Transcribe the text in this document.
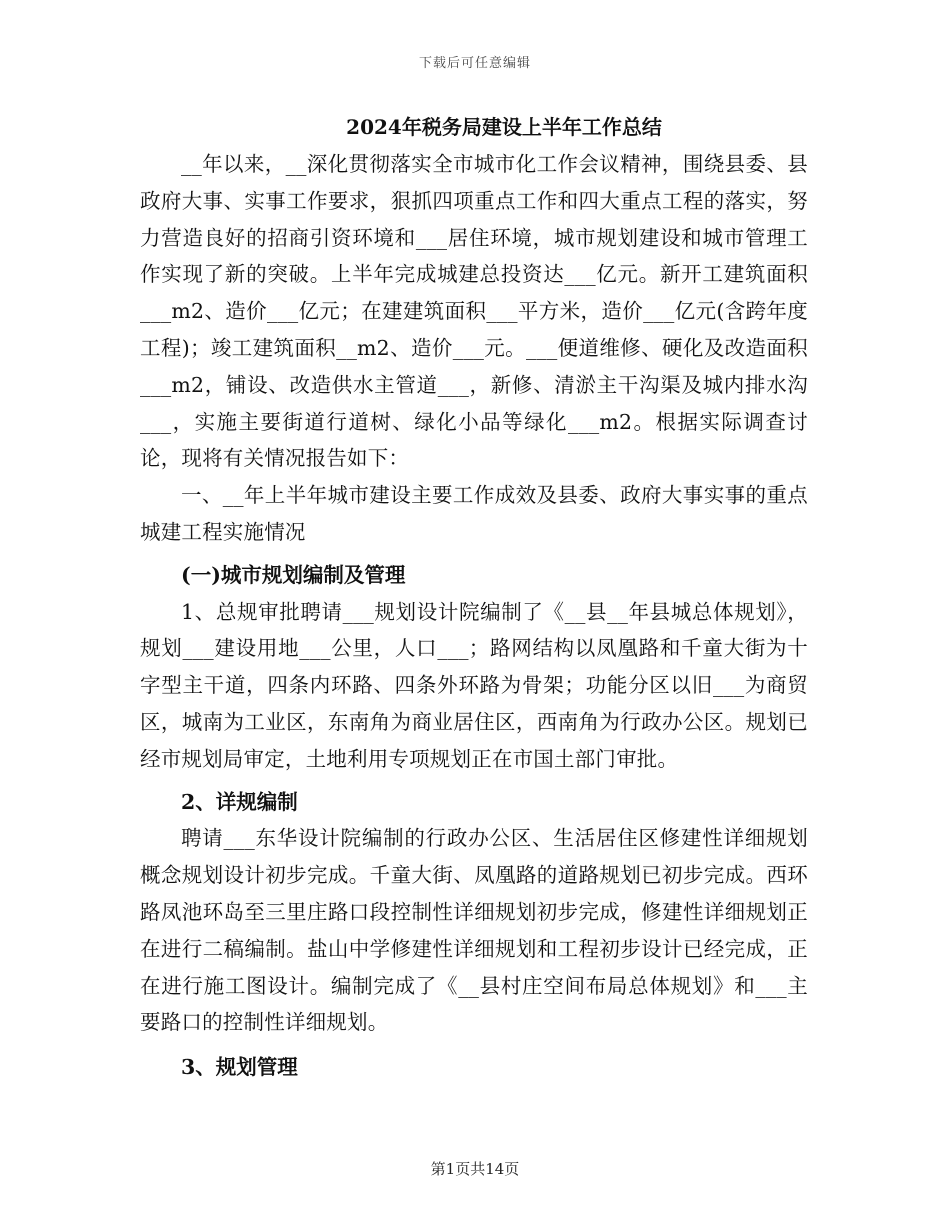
下载后可任意编辑
2024年税务局建设上半年工作总结

__年以来，__深化贯彻落实全市城市化工作会议精神，围绕县委、县政府大事、实事工作要求，狠抓四项重点工作和四大重点工程的落实，努力营造良好的招商引资环境和___居住环境，城市规划建设和城市管理工作实现了新的突破。上半年完成城建总投资达___亿元。新开工建筑面积___m2、造价___亿元；在建建筑面积___平方米，造价___亿元(含跨年度工程)；竣工建筑面积__m2、造价___元。___便道维修、硬化及改造面积___m2，铺设、改造供水主管道___，新修、清淤主干沟渠及城内排水沟___，实施主要街道行道树、绿化小品等绿化___m2。根据实际调查讨论，现将有关情况报告如下：

一、__年上半年城市建设主要工作成效及县委、政府大事实事的重点城建工程实施情况

(一)城市规划编制及管理

1、总规审批聘请___规划设计院编制了《__县__年县城总体规划》，规划___建设用地___公里，人口___；路网结构以凤凰路和千童大街为十字型主干道，四条内环路、四条外环路为骨架；功能分区以旧___为商贸区，城南为工业区，东南角为商业居住区，西南角为行政办公区。规划已经市规划局审定，土地利用专项规划正在市国土部门审批。

2、详规编制

聘请___东华设计院编制的行政办公区、生活居住区修建性详细规划概念规划设计初步完成。千童大街、凤凰路的道路规划已初步完成。西环路凤池环岛至三里庄路口段控制性详细规划初步完成，修建性详细规划正在进行二稿编制。盐山中学修建性详细规划和工程初步设计已经完成，正在进行施工图设计。编制完成了《__县村庄空间布局总体规划》和___主要路口的控制性详细规划。

3、规划管理

第1页共14页
